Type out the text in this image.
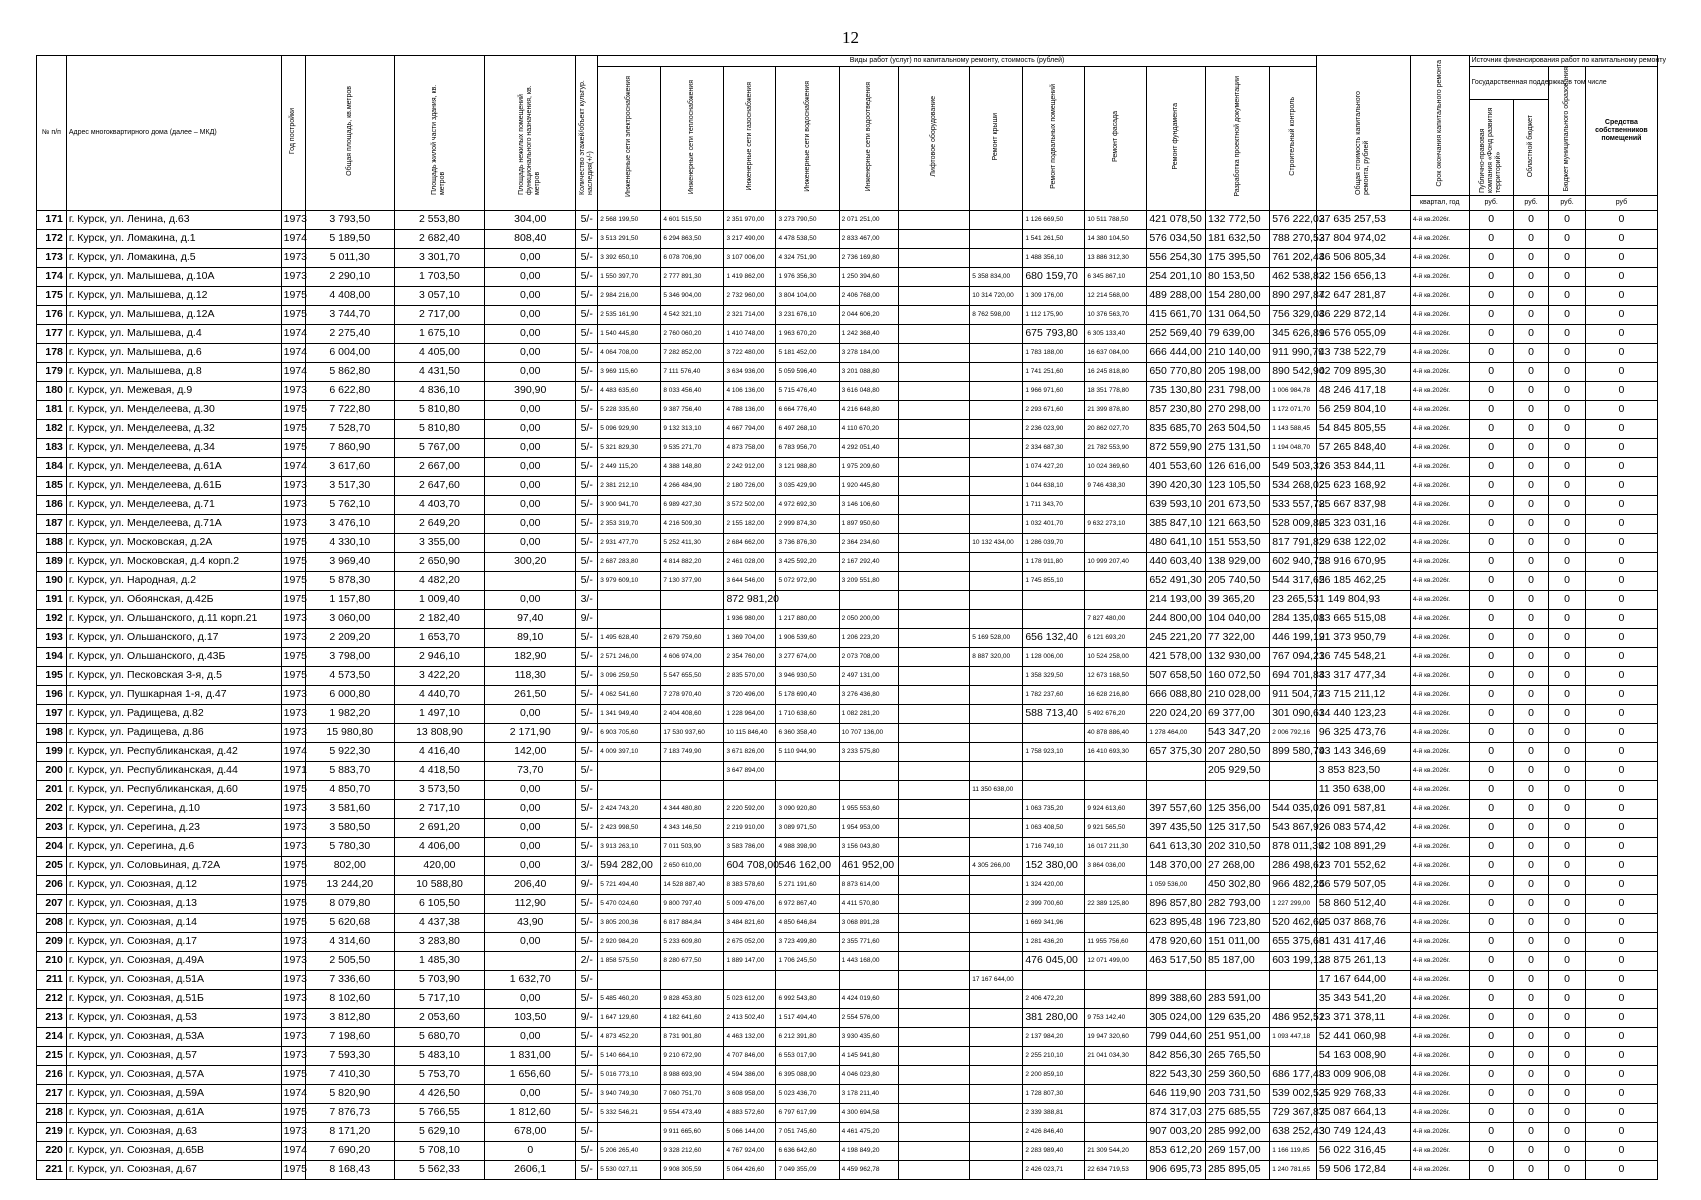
12
№ п/п	Адрес многоквартирного дома (далее – МКД)	Год постройки	Общая площадь, кв.метров	Площадь жилой части здания, кв. метров	Площадь нежилых помещений функционального назначения, кв. метров	Количество этажей/объект культур. наследия(+/-)	Виды работ (услуг) по капитальному ремонту, стоимость (рублей)												Общая стоимость капитального ремонта, рублей	Срок окончания капитального ремонта	Источник финансирования работ по капитальному ремонту			
							Инженерные сети электроснабжения	Инженерные сети теплоснабжения	Инженерные сети газоснабжения	Инженерные сети водоснабжения	Инженерные сети водоотведения	Лифтовое оборудование	Ремонт крыши	Ремонт подвальных помещений	Ремонт фасада	Ремонт фундамента	Разработка проектной документации	Строительный контроль			Государственная поддержка, в том числе		Бюджет муниципального образования	Средства собственников помещений
																					Публично-правовая компания «Фонд развития территорий»	Областной бюджет		
																				квартал, год	руб.	руб.	руб.	руб
171	г. Курск, ул. Ленина, д.63	1973	3 793,50	2 553,80	304,00	5/-	2 568 199,50	4 601 515,50	2 351 970,00	3 273 790,50	2 071 251,00			1 126 669,50	10 511 788,50	421 078,50	132 772,50	576 222,03	27 635 257,53	4-й кв.2026г.	0	0	0	0
172	г. Курск, ул. Ломакина, д.1	1974	5 189,50	2 682,40	808,40	5/-	3 513 291,50	6 294 863,50	3 217 490,00	4 478 538,50	2 833 467,00			1 541 261,50	14 380 104,50	576 034,50	181 632,50	788 270,52	37 804 974,02	4-й кв.2026г.	0	0	0	0
173	г. Курск, ул. Ломакина, д.5	1973	5 011,30	3 301,70	0,00	5/-	3 392 650,10	6 078 706,90	3 107 006,00	4 324 751,90	2 736 169,80			1 488 356,10	13 886 312,30	556 254,30	175 395,50	761 202,44	36 506 805,34	4-й кв.2026г.	0	0	0	0
174	г. Курск, ул. Малышева, д.10А	1973	2 290,10	1 703,50	0,00	5/-	1 550 397,70	2 777 891,30	1 419 862,00	1 976 356,30	1 250 394,60		5 358 834,00	680 159,70	6 345 867,10	254 201,10	80 153,50	462 538,83	22 156 656,13	4-й кв.2026г.	0	0	0	0
175	г. Курск, ул. Малышева, д.12	1975	4 408,00	3 057,10	0,00	5/-	2 984 216,00	5 346 904,00	2 732 960,00	3 804 104,00	2 406 768,00		10 314 720,00	1 309 176,00	12 214 568,00	489 288,00	154 280,00	890 297,87	42 647 281,87	4-й кв.2026г.	0	0	0	0
176	г. Курск, ул. Малышева, д.12А	1975	3 744,70	2 717,00	0,00	5/-	2 535 161,90	4 542 321,10	2 321 714,00	3 231 676,10	2 044 606,20		8 762 598,00	1 112 175,90	10 376 563,70	415 661,70	131 064,50	756 329,04	36 229 872,14	4-й кв.2026г.	0	0	0	0
177	г. Курск, ул. Малышева, д.4	1974	2 275,40	1 675,10	0,00	5/-	1 540 445,80	2 760 060,20	1 410 748,00	1 963 670,20	1 242 368,40			675 793,80	6 305 133,40	252 569,40	79 639,00	345 626,89	16 576 055,09	4-й кв.2026г.	0	0	0	0
178	г. Курск, ул. Малышева, д.6	1974	6 004,00	4 405,00	0,00	5/-	4 064 708,00	7 282 852,00	3 722 480,00	5 181 452,00	3 278 184,00			1 783 188,00	16 637 084,00	666 444,00	210 140,00	911 990,79	43 738 522,79	4-й кв.2026г.	0	0	0	0
179	г. Курск, ул. Малышева, д.8	1974	5 862,80	4 431,50	0,00	5/-	3 969 115,60	7 111 576,40	3 634 936,00	5 059 596,40	3 201 088,80			1 741 251,60	16 245 818,80	650 770,80	205 198,00	890 542,90	42 709 895,30	4-й кв.2026г.	0	0	0	0
180	г. Курск, ул. Межевая, д.9	1973	6 622,80	4 836,10	390,90	5/-	4 483 635,60	8 033 456,40	4 106 136,00	5 715 476,40	3 616 048,80			1 966 971,60	18 351 778,80	735 130,80	231 798,00	1 006 984,78	48 246 417,18	4-й кв.2026г.	0	0	0	0
181	г. Курск, ул. Менделеева, д.30	1975	7 722,80	5 810,80	0,00	5/-	5 228 335,60	9 387 756,40	4 788 136,00	6 664 776,40	4 216 648,80			2 293 671,60	21 399 878,80	857 230,80	270 298,00	1 172 071,70	56 259 804,10	4-й кв.2026г.	0	0	0	0
182	г. Курск, ул. Менделеева, д.32	1975	7 528,70	5 810,80	0,00	5/-	5 096 929,90	9 132 313,10	4 667 794,00	6 497 268,10	4 110 670,20			2 236 023,90	20 862 027,70	835 685,70	263 504,50	1 143 588,45	54 845 805,55	4-й кв.2026г.	0	0	0	0
183	г. Курск, ул. Менделеева, д.34	1975	7 860,90	5 767,00	0,00	5/-	5 321 829,30	9 535 271,70	4 873 758,00	6 783 956,70	4 292 051,40			2 334 687,30	21 782 553,90	872 559,90	275 131,50	1 194 048,70	57 265 848,40	4-й кв.2026г.	0	0	0	0
184	г. Курск, ул. Менделеева, д.61А	1974	3 617,60	2 667,00	0,00	5/-	2 449 115,20	4 388 148,80	2 242 912,00	3 121 988,80	1 975 209,60			1 074 427,20	10 024 369,60	401 553,60	126 616,00	549 503,31	26 353 844,11	4-й кв.2026г.	0	0	0	0
185	г. Курск, ул. Менделеева, д.61Б	1973	3 517,30	2 647,60	0,00	5/-	2 381 212,10	4 266 484,90	2 180 726,00	3 035 429,90	1 920 445,80			1 044 638,10	9 746 438,30	390 420,30	123 105,50	534 268,02	25 623 168,92	4-й кв.2026г.	0	0	0	0
186	г. Курск, ул. Менделеева, д.71	1973	5 762,10	4 403,70	0,00	5/-	3 900 941,70	6 989 427,30	3 572 502,00	4 972 692,30	3 146 106,60			1 711 343,70		639 593,10	201 673,50	533 557,78	25 667 837,98	4-й кв.2026г.	0	0	0	0
187	г. Курск, ул. Менделеева, д.71А	1973	3 476,10	2 649,20	0,00	5/-	2 353 319,70	4 216 509,30	2 155 182,00	2 999 874,30	1 897 950,60			1 032 401,70	9 632 273,10	385 847,10	121 663,50	528 009,86	25 323 031,16	4-й кв.2026г.	0	0	0	0
188	г. Курск, ул. Московская, д.2А	1975	4 330,10	3 355,00	0,00	5/-	2 931 477,70	5 252 411,30	2 684 662,00	3 736 876,30	2 364 234,60		10 132 434,00	1 286 039,70		480 641,10	151 553,50	817 791,82	29 638 122,02	4-й кв.2026г.	0	0	0	0
189	г. Курск, ул. Московская, д.4 корп.2	1975	3 969,40	2 650,90	300,20	5/-	2 687 283,80	4 814 882,20	2 461 028,00	3 425 592,20	2 167 292,40			1 178 911,80	10 999 207,40	440 603,40	138 929,00	602 940,75	28 916 670,95	4-й кв.2026г.	0	0	0	0
190	г. Курск, ул. Народная, д.2	1975	5 878,30	4 482,20		5/-	3 979 609,10	7 130 377,90	3 644 546,00	5 072 972,90	3 209 551,80			1 745 855,10		652 491,30	205 740,50	544 317,65	26 185 462,25	4-й кв.2026г.	0	0	0	0
191	г. Курск, ул. Обоянская, д.42Б	1975	1 157,80	1 009,40	0,00	3/-			872 981,20							214 193,00	39 365,20	23 265,53	1 149 804,93	4-й кв.2026г.	0	0	0	0
192	г. Курск, ул. Ольшанского, д.11 корп.21	1973	3 060,00	2 182,40	97,40	9/-			1 936 980,00	1 217 880,00	2 050 200,00				7 827 480,00	244 800,00	104 040,00	284 135,08	13 665 515,08	4-й кв.2026г.	0	0	0	0
193	г. Курск, ул. Ольшанского, д.17	1973	2 209,20	1 653,70	89,10	5/-	1 495 628,40	2 679 759,60	1 369 704,00	1 906 539,60	1 206 223,20		5 169 528,00	656 132,40	6 121 693,20	245 221,20	77 322,00	446 199,19	21 373 950,79	4-й кв.2026г.	0	0	0	0
194	г. Курск, ул. Ольшанского, д.43Б	1975	3 798,00	2 946,10	182,90	5/-	2 571 246,00	4 606 974,00	2 354 760,00	3 277 674,00	2 073 708,00		8 887 320,00	1 128 006,00	10 524 258,00	421 578,00	132 930,00	767 094,21	36 745 548,21	4-й кв.2026г.	0	0	0	0
195	г. Курск, ул. Песковская 3-я, д.5	1975	4 573,50	3 422,20	118,30	5/-	3 096 259,50	5 547 655,50	2 835 570,00	3 946 930,50	2 497 131,00			1 358 329,50	12 673 168,50	507 658,50	160 072,50	694 701,84	33 317 477,34	4-й кв.2026г.	0	0	0	0
196	г. Курск, ул. Пушкарная 1-я, д.47	1973	6 000,80	4 440,70	261,50	5/-	4 062 541,60	7 278 970,40	3 720 496,00	5 178 690,40	3 276 436,80			1 782 237,60	16 628 216,80	666 088,80	210 028,00	911 504,72	43 715 211,12	4-й кв.2026г.	0	0	0	0
197	г. Курск, ул. Радищева, д.82	1973	1 982,20	1 497,10	0,00	5/-	1 341 949,40	2 404 408,60	1 228 964,00	1 710 638,60	1 082 281,20			588 713,40	5 492 676,20	220 024,20	69 377,00	301 090,63	14 440 123,23	4-й кв.2026г.	0	0	0	0
198	г. Курск, ул. Радищева, д.86	1973	15 980,80	13 808,90	2 171,90	9/-	6 903 705,60	17 530 937,60	10 115 846,40	6 360 358,40	10 707 136,00				40 878 886,40	1 278 464,00	543 347,20	2 006 792,16	96 325 473,76	4-й кв.2026г.	0	0	0	0
199	г. Курск, ул. Республиканская, д.42	1974	5 922,30	4 416,40	142,00	5/-	4 009 397,10	7 183 749,90	3 671 826,00	5 110 944,90	3 233 575,80			1 758 923,10	16 410 693,30	657 375,30	207 280,50	899 580,79	43 143 346,69	4-й кв.2026г.	0	0	0	0
200	г. Курск, ул. Республиканская, д.44	1971	5 883,70	4 418,50	73,70	5/-			3 647 894,00								205 929,50		3 853 823,50	4-й кв.2026г.	0	0	0	0
201	г. Курск, ул. Республиканская, д.60	1975	4 850,70	3 573,50	0,00	5/-							11 350 638,00						11 350 638,00	4-й кв.2026г.	0	0	0	0
202	г. Курск, ул. Серегина, д.10	1973	3 581,60	2 717,10	0,00	5/-	2 424 743,20	4 344 480,80	2 220 592,00	3 090 920,80	1 955 553,60			1 063 735,20	9 924 613,60	397 557,60	125 356,00	544 035,01	26 091 587,81	4-й кв.2026г.	0	0	0	0
203	г. Курск, ул. Серегина, д.23	1973	3 580,50	2 691,20	0,00	5/-	2 423 998,50	4 343 146,50	2 219 910,00	3 089 971,50	1 954 953,00			1 063 408,50	9 921 565,50	397 435,50	125 317,50	543 867,92	26 083 574,42	4-й кв.2026г.	0	0	0	0
204	г. Курск, ул. Серегина, д.6	1973	5 780,30	4 406,00	0,00	5/-	3 913 263,10	7 011 503,90	3 583 786,00	4 988 398,90	3 156 043,80			1 716 749,10	16 017 211,30	641 613,30	202 310,50	878 011,39	42 108 891,29	4-й кв.2026г.	0	0	0	0
205	г. Курск, ул. Соловьиная, д.72А	1975	802,00	420,00	0,00	3/-	594 282,00	2 650 610,00	604 708,00	546 162,00	461 952,00		4 305 266,00	152 380,00	3 864 036,00	148 370,00	27 268,00	286 498,62	13 701 552,62	4-й кв.2026г.	0	0	0	0
206	г. Курск, ул. Союзная, д.12	1975	13 244,20	10 588,80	206,40	9/-	5 721 494,40	14 528 887,40	8 383 578,60	5 271 191,60	8 873 614,00			1 324 420,00		1 059 536,00	450 302,80	966 482,25	46 579 507,05	4-й кв.2026г.	0	0	0	0
207	г. Курск, ул. Союзная, д.13	1975	8 079,80	6 105,50	112,90	5/-	5 470 024,60	9 800 797,40	5 009 476,00	6 972 867,40	4 411 570,80			2 399 700,60	22 389 125,80	896 857,80	282 793,00	1 227 299,00	58 860 512,40	4-й кв.2026г.	0	0	0	0
208	г. Курск, ул. Союзная, д.14	1975	5 620,68	4 437,38	43,90	5/-	3 805 200,36	6 817 884,84	3 484 821,60	4 850 646,84	3 068 891,28			1 669 341,96		623 895,48	196 723,80	520 462,60	25 037 868,76	4-й кв.2026г.	0	0	0	0
209	г. Курск, ул. Союзная, д.17	1973	4 314,60	3 283,80	0,00	5/-	2 920 984,20	5 233 609,80	2 675 052,00	3 723 499,80	2 355 771,60			1 281 436,20	11 955 756,60	478 920,60	151 011,00	655 375,66	31 431 417,46	4-й кв.2026г.	0	0	0	0
210	г. Курск, ул. Союзная, д.49А	1973	2 505,50	1 485,30		2/-	1 858 575,50	8 280 677,50	1 889 147,00	1 706 245,50	1 443 168,00			476 045,00	12 071 499,00	463 517,50	85 187,00	603 199,13	28 875 261,13	4-й кв.2026г.	0	0	0	0
211	г. Курск, ул. Союзная, д.51А	1973	7 336,60	5 703,90	1 632,70	5/-							17 167 644,00						17 167 644,00	4-й кв.2026г.	0	0	0	0
212	г. Курск, ул. Союзная, д.51Б	1973	8 102,60	5 717,10	0,00	5/-	5 485 460,20	9 828 453,80	5 023 612,00	6 992 543,80	4 424 019,60			2 406 472,20		899 388,60	283 591,00		35 343 541,20	4-й кв.2026г.	0	0	0	0
213	г. Курск, ул. Союзная, д.53	1973	3 812,80	2 053,60	103,50	9/-	1 647 129,60	4 182 641,60	2 413 502,40	1 517 494,40	2 554 576,00			381 280,00	9 753 142,40	305 024,00	129 635,20	486 952,51	23 371 378,11	4-й кв.2026г.	0	0	0	0
214	г. Курск, ул. Союзная, д.53А	1973	7 198,60	5 680,70	0,00	5/-	4 873 452,20	8 731 901,80	4 463 132,00	6 212 391,80	3 930 435,60			2 137 984,20	19 947 320,60	799 044,60	251 951,00	1 093 447,18	52 441 060,98	4-й кв.2026г.	0	0	0	0
215	г. Курск, ул. Союзная, д.57	1973	7 593,30	5 483,10	1 831,00	5/-	5 140 664,10	9 210 672,90	4 707 846,00	6 553 017,90	4 145 941,80			2 255 210,10	21 041 034,30	842 856,30	265 765,50		54 163 008,90	4-й кв.2026г.	0	0	0	0
216	г. Курск, ул. Союзная, д.57А	1975	7 410,30	5 753,70	1 656,60	5/-	5 016 773,10	8 988 693,90	4 594 386,00	6 395 088,90	4 046 023,80			2 200 859,10		822 543,30	259 360,50	686 177,48	33 009 906,08	4-й кв.2026г.	0	0	0	0
217	г. Курск, ул. Союзная, д.59А	1974	5 820,90	4 426,50	0,00	5/-	3 940 749,30	7 060 751,70	3 608 958,00	5 023 436,70	3 178 211,40			1 728 807,30		646 119,90	203 731,50	539 002,53	25 929 768,33	4-й кв.2026г.	0	0	0	0
218	г. Курск, ул. Союзная, д.61А	1975	7 876,73	5 766,55	1 812,60	5/-	5 332 546,21	9 554 473,49	4 883 572,60	6 797 617,99	4 300 694,58			2 339 388,81		874 317,03	275 685,55	729 367,87	35 087 664,13	4-й кв.2026г.	0	0	0	0
219	г. Курск, ул. Союзная, д.63	1973	8 171,20	5 629,10	678,00	5/-		9 911 665,60	5 066 144,00	7 051 745,60	4 461 475,20			2 426 846,40		907 003,20	285 992,00	638 252,43	30 749 124,43	4-й кв.2026г.	0	0	0	0
220	г. Курск, ул. Союзная, д.65В	1974	7 690,20	5 708,10	0	5/-	5 206 265,40	9 328 212,60	4 767 924,00	6 636 642,60	4 198 849,20			2 283 989,40	21 309 544,20	853 612,20	269 157,00	1 166 119,85	56 022 316,45	4-й кв.2026г.	0	0	0	0
221	г. Курск, ул. Союзная, д.67	1975	8 168,43	5 562,33	2606,1	5/-	5 530 027,11	9 908 305,59	5 064 426,60	7 049 355,09	4 459 962,78			2 426 023,71	22 634 719,53	906 695,73	285 895,05	1 240 781,65	59 506 172,84	4-й кв.2026г.	0	0	0	0
